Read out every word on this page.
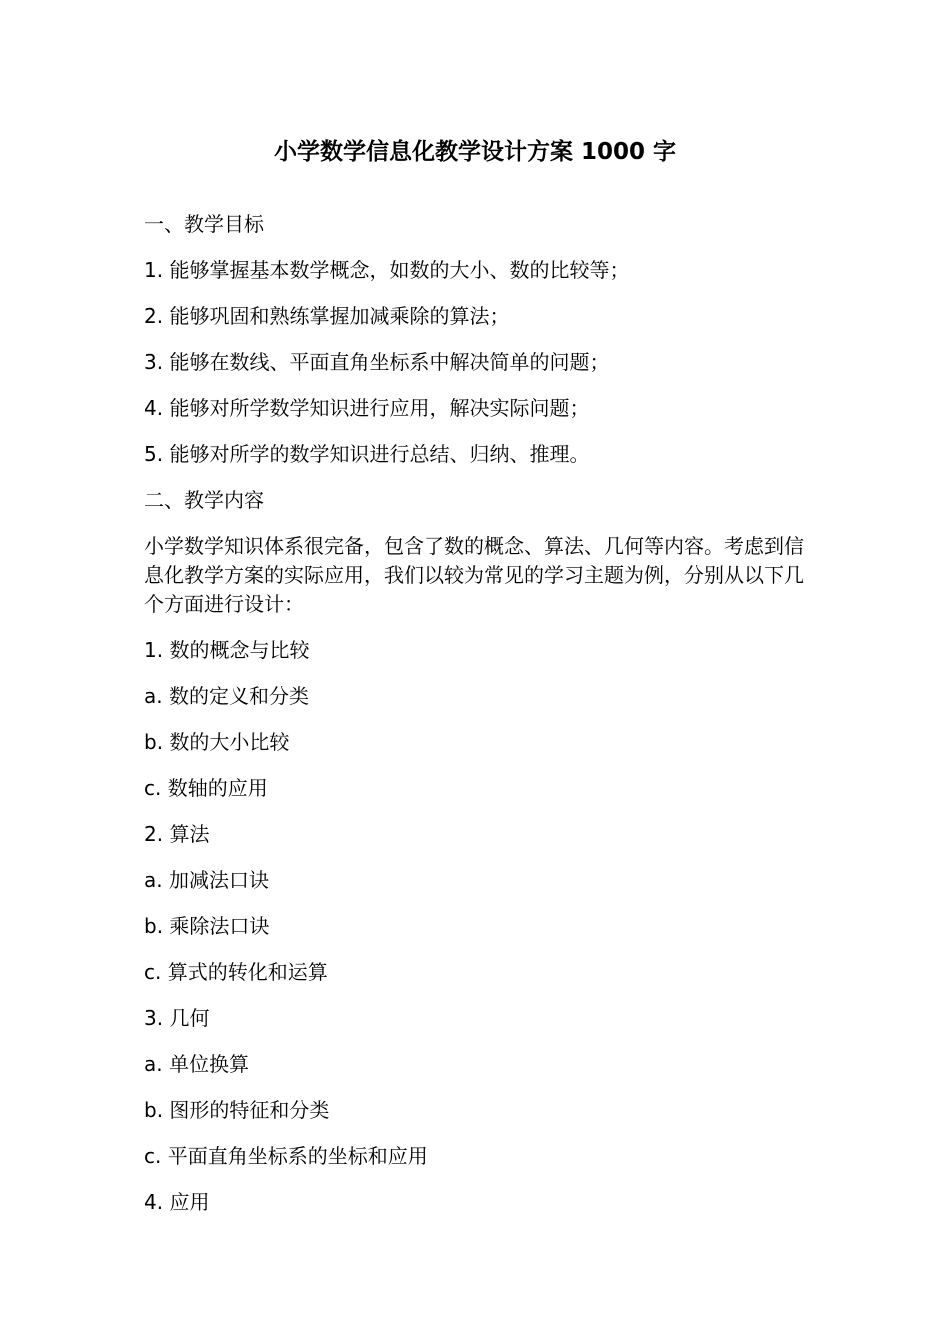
小学数学信息化教学设计方案 1000 字

一、教学目标

1. 能够掌握基本数学概念，如数的大小、数的比较等；

2. 能够巩固和熟练掌握加减乘除的算法；

3. 能够在数线、平面直角坐标系中解决简单的问题；

4. 能够对所学数学知识进行应用，解决实际问题；

5. 能够对所学的数学知识进行总结、归纳、推理。

二、教学内容

小学数学知识体系很完备，包含了数的概念、算法、几何等内容。考虑到信息化教学方案的实际应用，我们以较为常见的学习主题为例，分别从以下几个方面进行设计：

1. 数的概念与比较

a. 数的定义和分类

b. 数的大小比较

c. 数轴的应用

2. 算法

a. 加减法口诀

b. 乘除法口诀

c. 算式的转化和运算

3. 几何

a. 单位换算

b. 图形的特征和分类

c. 平面直角坐标系的坐标和应用

4. 应用
